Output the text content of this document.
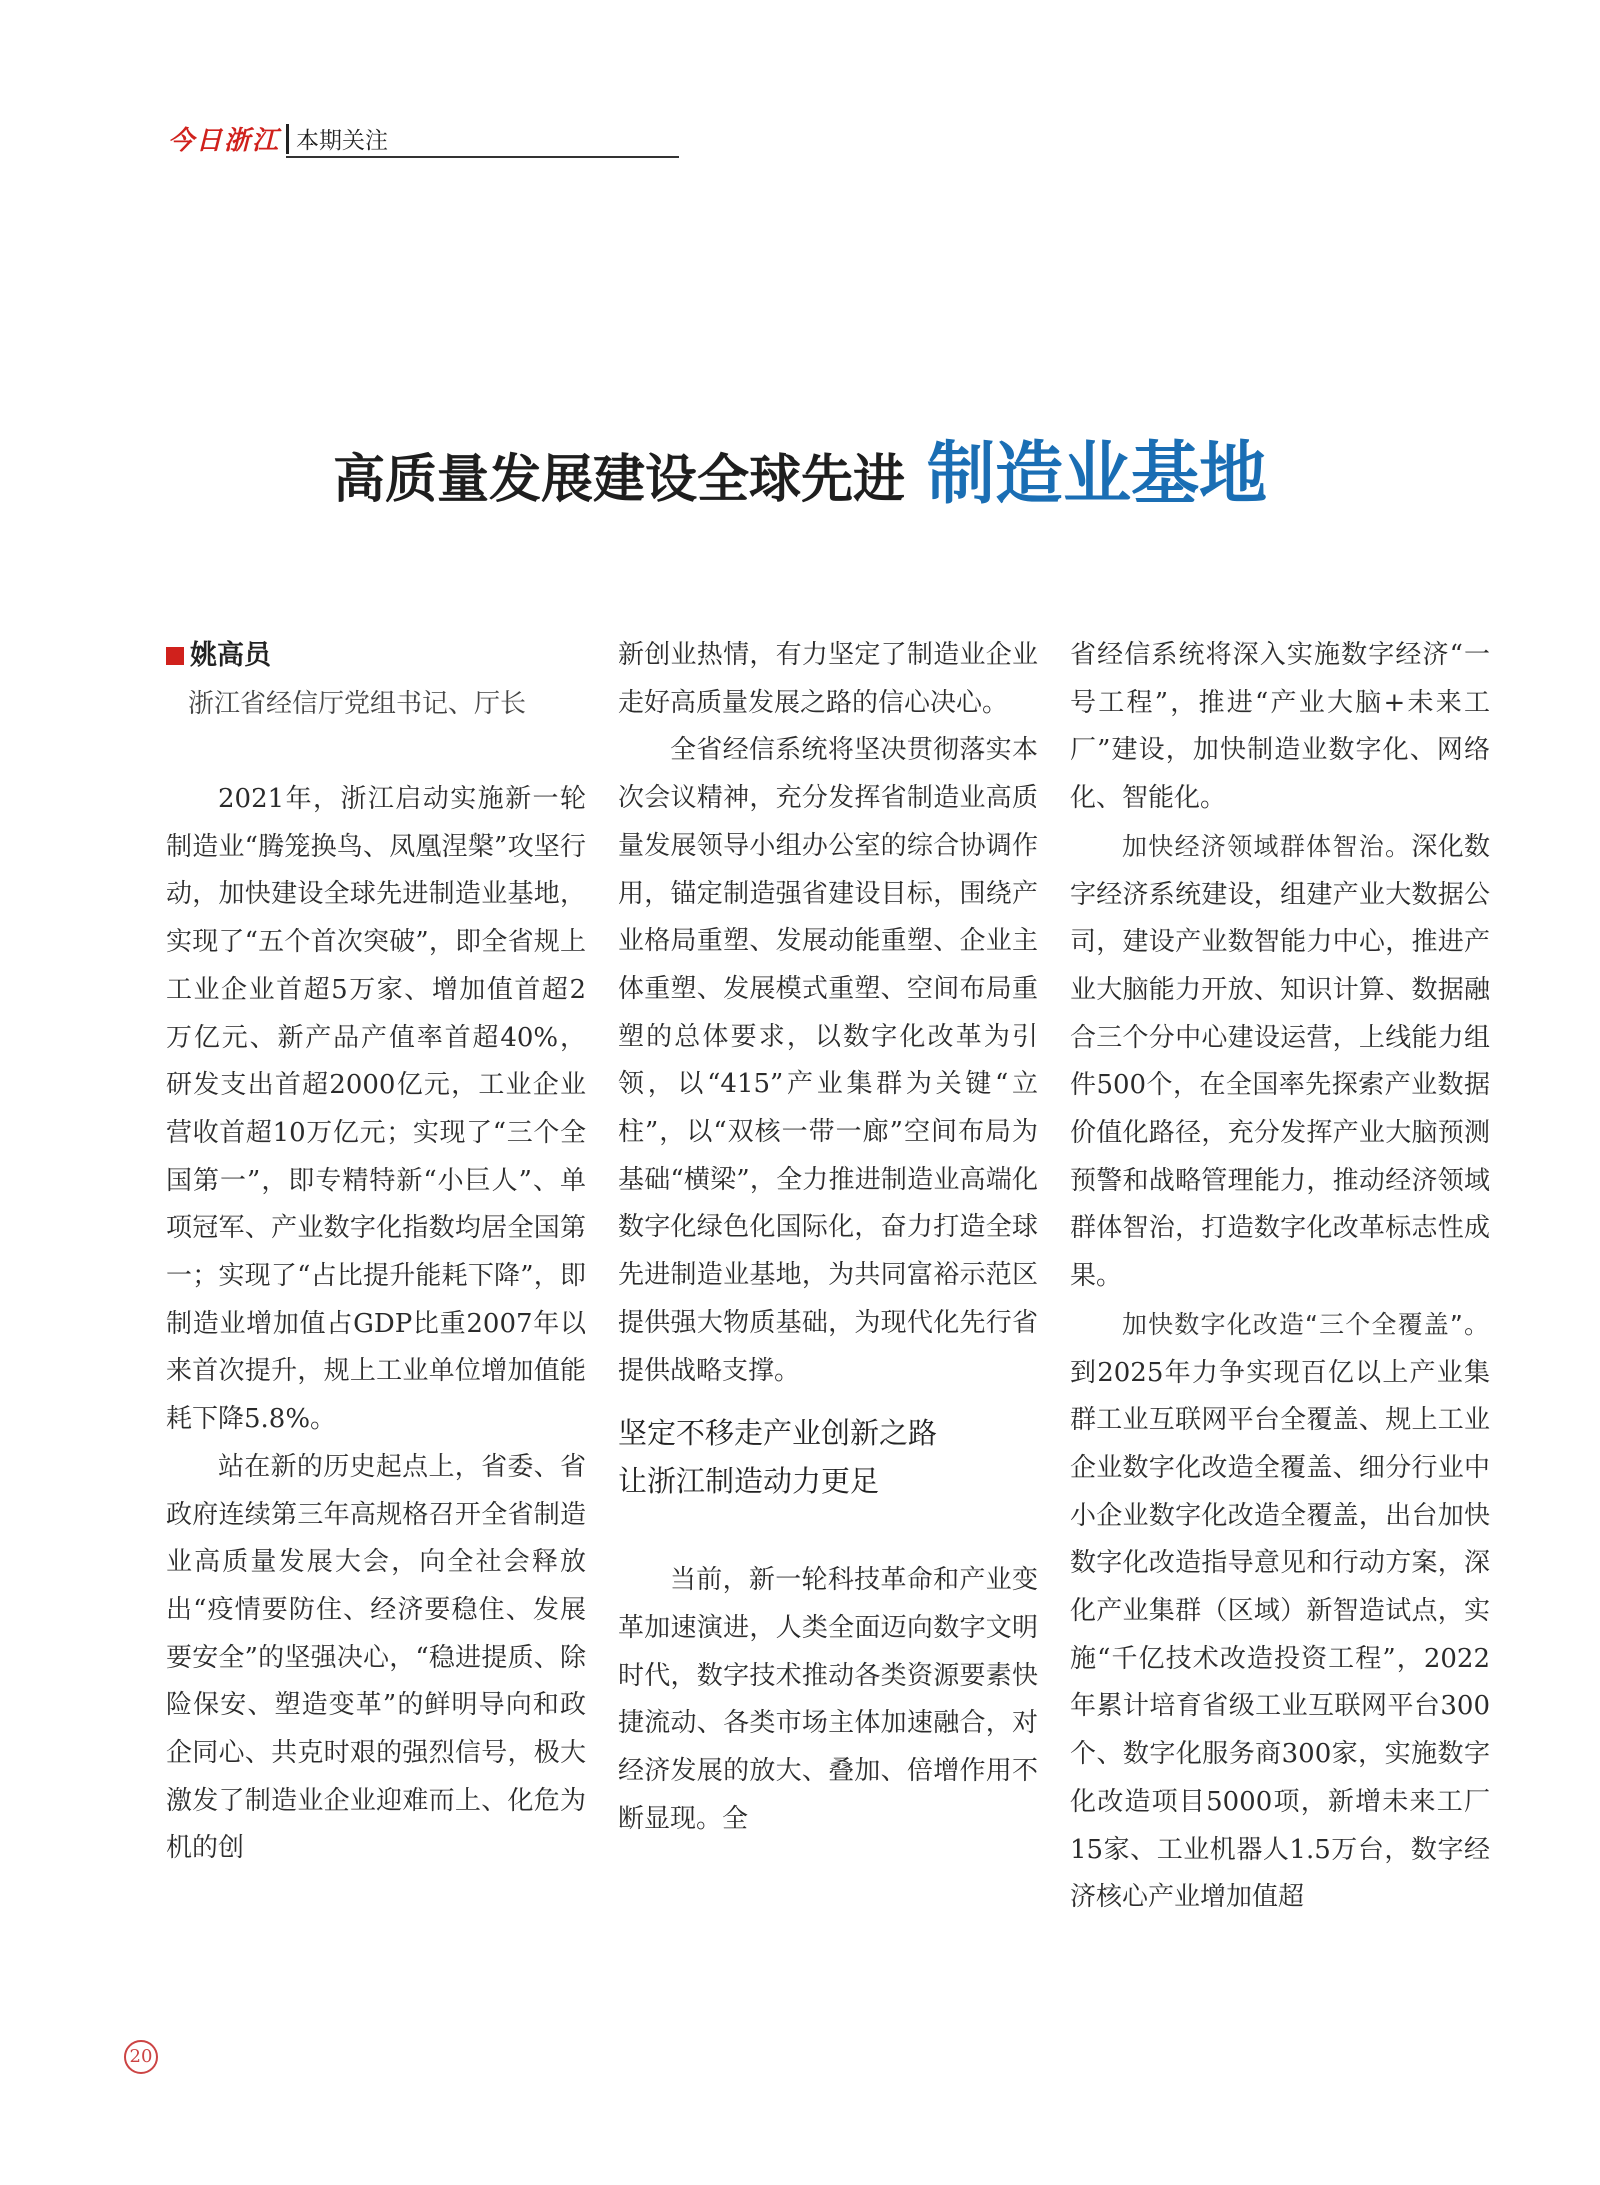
今日浙江 本期关注
高质量发展建设全球先进 制造业基地
姚高员
浙江省经信厅党组书记、厅长

2021年，浙江启动实施新一轮制造业“腾笼换鸟、凤凰涅槃”攻坚行动，加快建设全球先进制造业基地，实现了“五个首次突破”，即全省规上工业企业首超5万家、增加值首超2万亿元、新产品产值率首超40%，研发支出首超2000亿元，工业企业营收首超10万亿元；实现了“三个全国第一”，即专精特新“小巨人”、单项冠军、产业数字化指数均居全国第一；实现了“占比提升能耗下降”，即制造业增加值占GDP比重2007年以来首次提升，规上工业单位增加值能耗下降5.8%。

站在新的历史起点上，省委、省政府连续第三年高规格召开全省制造业高质量发展大会，向全社会释放出“疫情要防住、经济要稳住、发展要安全”的坚强决心，“稳进提质、除险保安、塑造变革”的鲜明导向和政企同心、共克时艰的强烈信号，极大激发了制造业企业迎难而上、化危为机的创

新创业热情，有力坚定了制造业企业走好高质量发展之路的信心决心。

全省经信系统将坚决贯彻落实本次会议精神，充分发挥省制造业高质量发展领导小组办公室的综合协调作用，锚定制造强省建设目标，围绕产业格局重塑、发展动能重塑、企业主体重塑、发展模式重塑、空间布局重塑的总体要求，以数字化改革为引领，以“415”产业集群为关键“立柱”，以“双核一带一廊”空间布局为基础“横梁”，全力推进制造业高端化数字化绿色化国际化，奋力打造全球先进制造业基地，为共同富裕示范区提供强大物质基础，为现代化先行省提供战略支撑。

坚定不移走产业创新之路
让浙江制造动力更足

当前，新一轮科技革命和产业变革加速演进，人类全面迈向数字文明时代，数字技术推动各类资源要素快捷流动、各类市场主体加速融合，对经济发展的放大、叠加、倍增作用不断显现。全

省经信系统将深入实施数字经济“一号工程”，推进“产业大脑+未来工厂”建设，加快制造业数字化、网络化、智能化。

加快经济领域群体智治。深化数字经济系统建设，组建产业大数据公司，建设产业数智能力中心，推进产业大脑能力开放、知识计算、数据融合三个分中心建设运营，上线能力组件500个，在全国率先探索产业数据价值化路径，充分发挥产业大脑预测预警和战略管理能力，推动经济领域群体智治，打造数字化改革标志性成果。

加快数字化改造“三个全覆盖”。到2025年力争实现百亿以上产业集群工业互联网平台全覆盖、规上工业企业数字化改造全覆盖、细分行业中小企业数字化改造全覆盖，出台加快数字化改造指导意见和行动方案，深化产业集群（区域）新智造试点，实施“千亿技术改造投资工程”，2022年累计培育省级工业互联网平台300个、数字化服务商300家，实施数字化改造项目5000项，新增未来工厂15家、工业机器人1.5万台，数字经济核心产业增加值超

20
